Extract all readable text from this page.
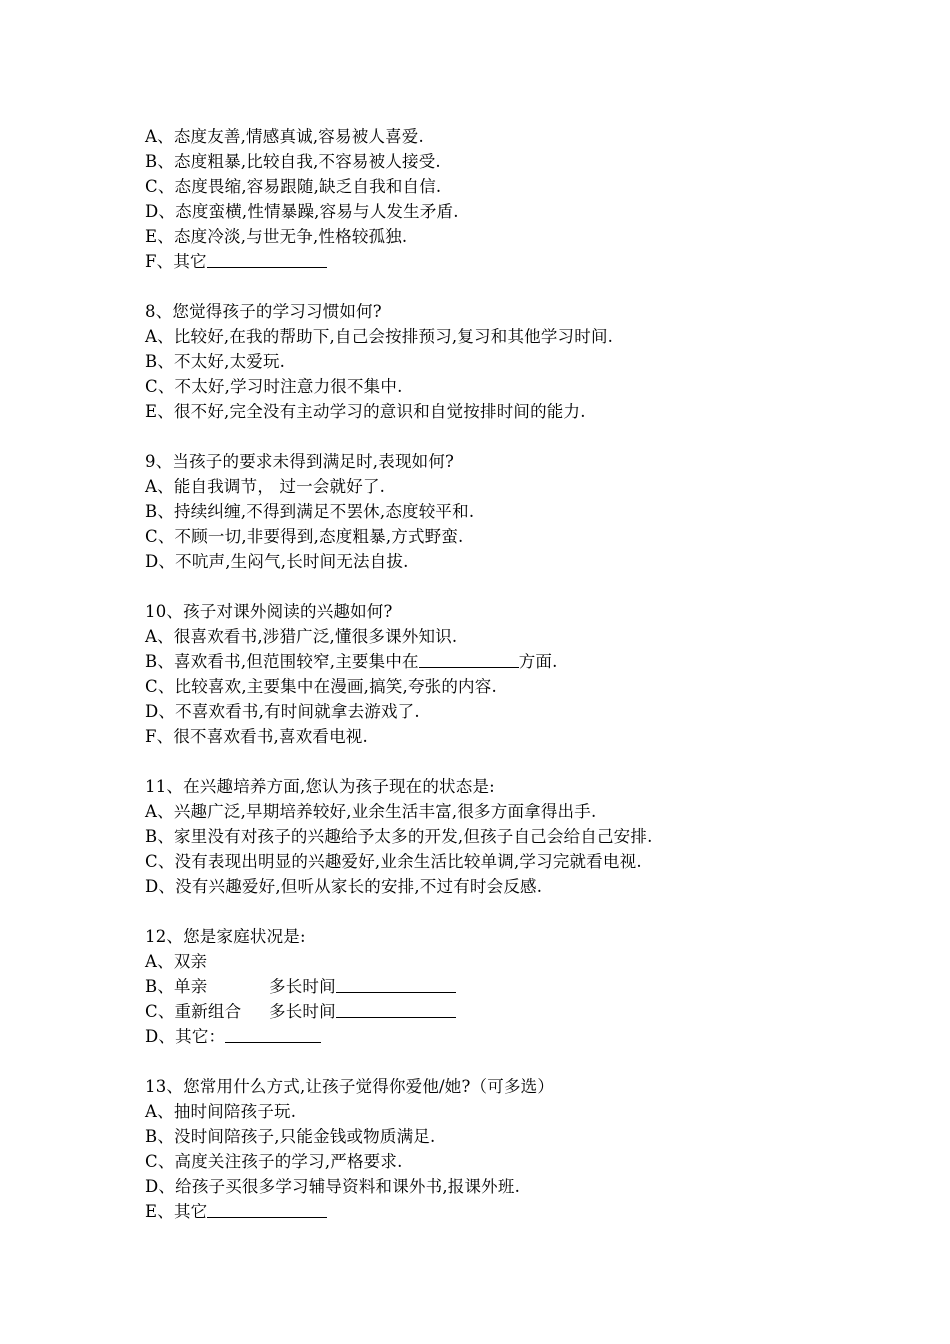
A、态度友善,情感真诚,容易被人喜爱.
B、态度粗暴,比较自我,不容易被人接受.
C、态度畏缩,容易跟随,缺乏自我和自信.
D、态度蛮横,性情暴躁,容易与人发生矛盾.
E、态度冷淡,与世无争,性格较孤独.
F、其它
8、您觉得孩子的学习习惯如何?
A、比较好,在我的帮助下,自己会按排预习,复习和其他学习时间.
B、不太好,太爱玩.
C、不太好,学习时注意力很不集中.
E、很不好,完全没有主动学习的意识和自觉按排时间的能力.
9、当孩子的要求未得到满足时,表现如何?
A、能自我调节， 过一会就好了.
B、持续纠缠,不得到满足不罢休,态度较平和.
C、不顾一切,非要得到,态度粗暴,方式野蛮.
D、不吭声,生闷气,长时间无法自拔.
10、孩子对课外阅读的兴趣如何?
A、很喜欢看书,涉猎广泛,懂很多课外知识.
B、喜欢看书,但范围较窄,主要集中在	方面.
C、比较喜欢,主要集中在漫画,搞笑,夸张的内容.
D、不喜欢看书,有时间就拿去游戏了.
F、很不喜欢看书,喜欢看电视.
11、在兴趣培养方面,您认为孩子现在的状态是:
A、兴趣广泛,早期培养较好,业余生活丰富,很多方面拿得出手.
B、家里没有对孩子的兴趣给予太多的开发,但孩子自己会给自己安排.
C、没有表现出明显的兴趣爱好,业余生活比较单调,学习完就看电视.
D、没有兴趣爱好,但听从家长的安排,不过有时会反感.
12、您是家庭状况是:
A、双亲
B、单亲	多长时间
C、重新组合 多长时间
D、其它：
13、您常用什么方式,让孩子觉得你爱他/她?（可多选）
A、抽时间陪孩子玩.
B、没时间陪孩子,只能金钱或物质满足.
C、高度关注孩子的学习,严格要求.
D、给孩子买很多学习辅导资料和课外书,报课外班.
E、其它
